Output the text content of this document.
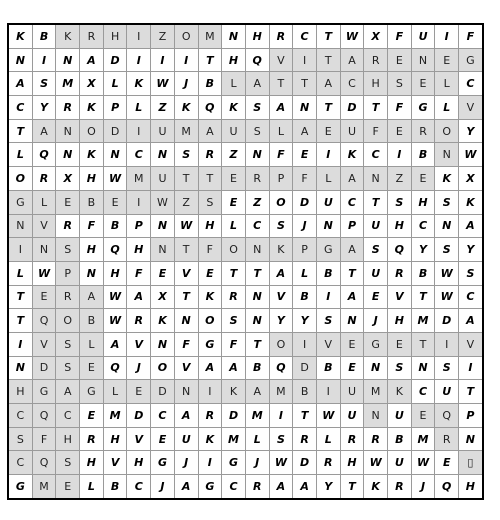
K	B	K	R	H	I	Z	O	M	N	H	R	C	T	W	X	F	U	I	F
N	I	N	A	D	I	I	I	T	H	Q	V	I	T	A	R	E	N	E	G
A	S	M	X	L	K	W	J	B	L	A	T	T	A	C	H	S	E	L	C
C	Y	R	K	P	L	Z	K	Q	K	S	A	N	T	D	T	F	G	L	V
T	A	N	O	D	I	U	M	A	U	S	L	A	E	U	F	E	R	O	Y
L	Q	N	K	N	C	N	S	R	Z	N	F	E	I	K	C	I	B	N	W
O	R	X	H	W	M	U	T	T	E	R	P	F	L	A	N	Z	E	K	X
G	L	E	B	E	I	W	Z	S	E	Z	O	D	U	C	T	S	H	S	K
N	V	R	F	B	P	N	W	H	L	C	S	J	N	P	U	H	C	N	A
I	N	S	H	Q	H	N	T	F	O	N	K	P	G	A	S	Q	Y	S	Y
L	W	P	N	H	F	E	V	E	T	T	A	L	B	T	U	R	B	W	S
T	E	R	A	W	A	X	T	K	R	N	V	B	I	A	E	V	T	W	C
T	Q	O	B	W	R	K	N	O	S	N	Y	Y	S	N	J	H	M	D	A
I	V	S	L	A	V	N	F	G	F	T	O	I	V	E	G	E	T	I	V
N	D	S	E	Q	J	O	V	A	A	B	Q	D	B	E	N	S	N	S	I
H	G	A	G	L	E	D	N	I	K	A	M	B	I	U	M	K	C	U	T
C	Q	C	E	M	D	C	A	R	D	M	I	T	W	U	N	U	E	Q	P
S	F	H	R	H	V	E	U	K	M	L	S	R	L	R	R	B	M	R	N
C	Q	S	H	V	H	G	J	I	G	J	W	D	R	H	W	U	W	E	▯
G	M	E	L	B	C	J	A	G	C	R	A	A	Y	T	K	R	J	Q	H
